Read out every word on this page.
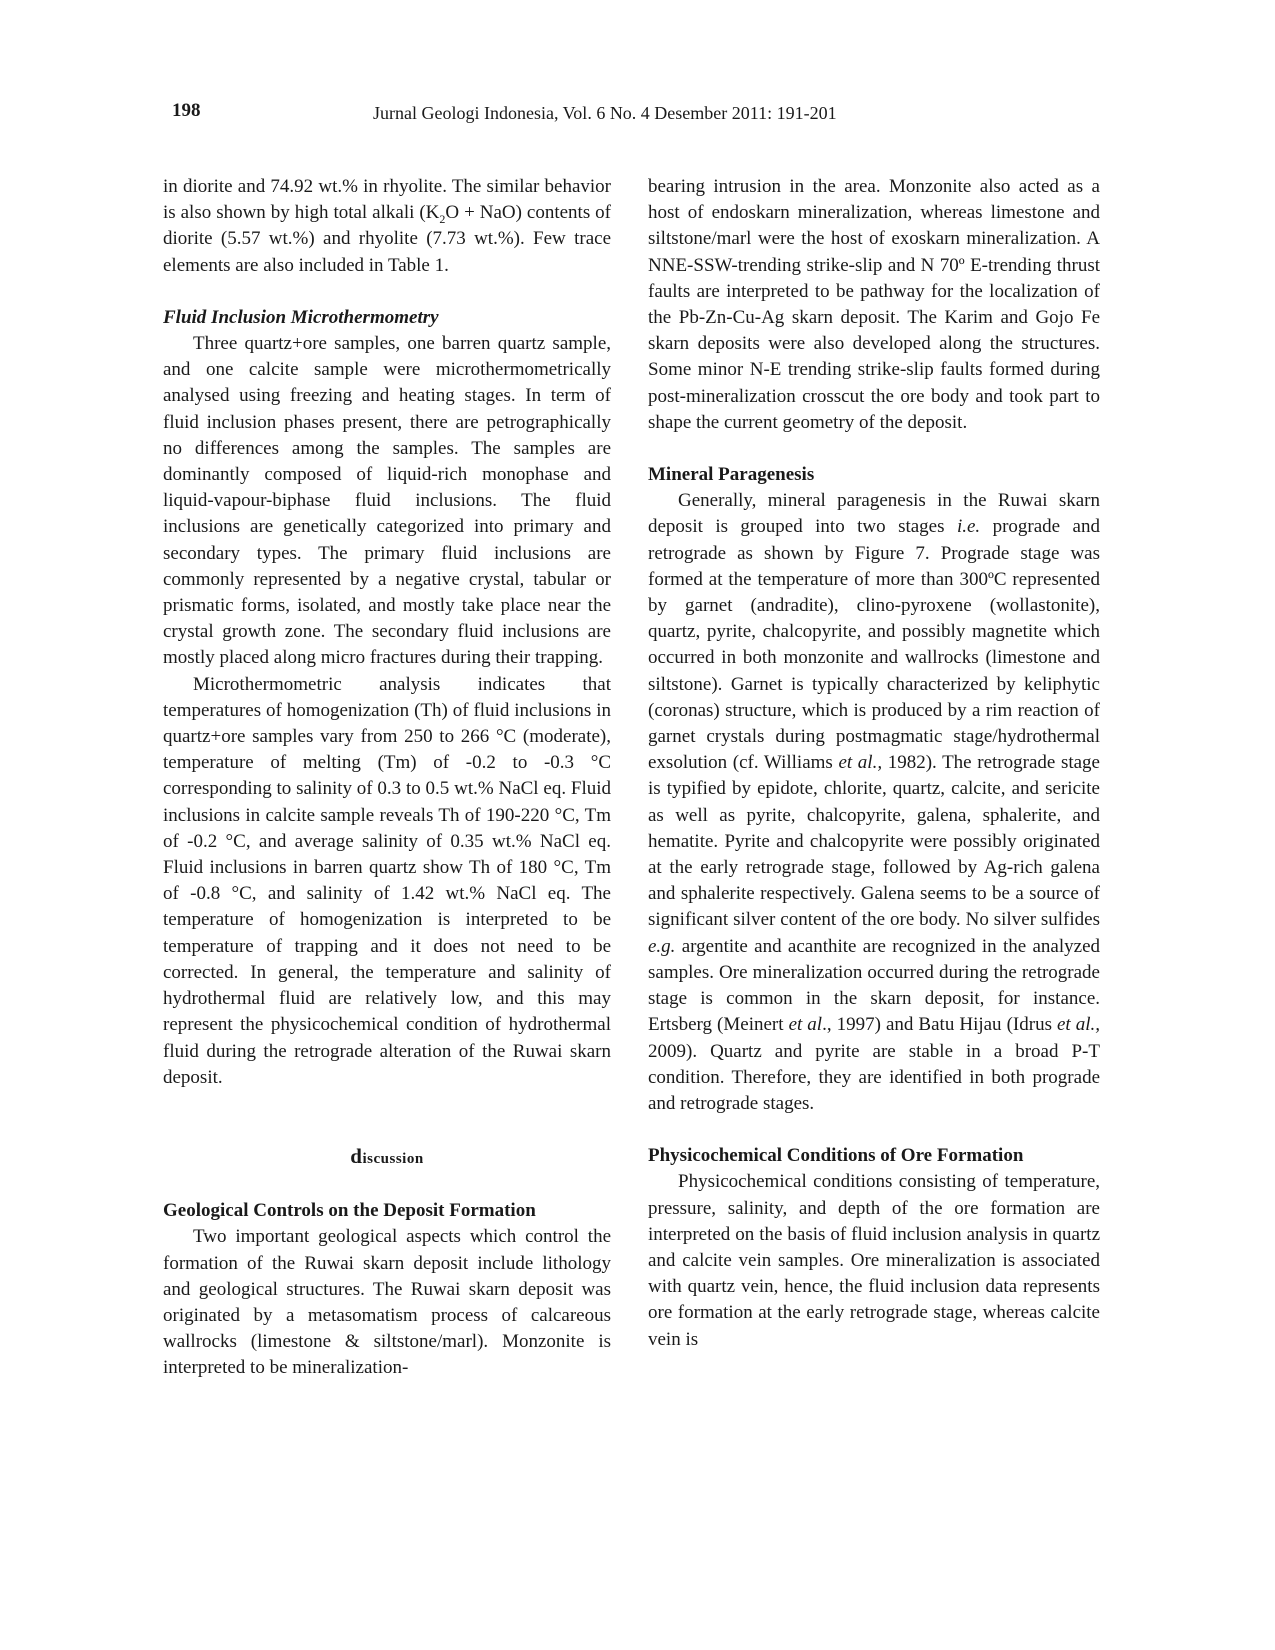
198	Jurnal Geologi Indonesia, Vol. 6 No. 4 Desember 2011: 191-201

in diorite and 74.92 wt.% in rhyolite. The similar behavior is also shown by high total alkali $(K_2O + NaO)$ contents of diorite (5.57 wt.%) and rhyolite (7.73 wt.%). Few trace elements are also included in Table 1.

Fluid Inclusion Microthermometry

Three quartz+ore samples, one barren quartz sample, and one calcite sample were microthermometrically analysed using freezing and heating stages. In term of fluid inclusion phases present, there are petrographically no differences among the samples. The samples are dominantly composed of liquid-rich monophase and liquid-vapour-biphase fluid inclusions. The fluid inclusions are genetically categorized into primary and secondary types. The primary fluid inclusions are commonly represented by a negative crystal, tabular or prismatic forms, isolated, and mostly take place near the crystal growth zone. The secondary fluid inclusions are mostly placed along micro fractures during their trapping.

Microthermometric analysis indicates that temperatures of homogenization (Th) of fluid inclusions in quartz+ore samples vary from 250 to 266 °C (moderate), temperature of melting (Tm) of -0.2 to -0.3 °C corresponding to salinity of 0.3 to 0.5 wt.% NaCl eq. Fluid inclusions in calcite sample reveals Th of 190-220 °C, Tm of -0.2 °C, and average salinity of 0.35 wt.% NaCl eq. Fluid inclusions in barren quartz show Th of 180 °C, Tm of -0.8 °C, and salinity of 1.42 wt.% NaCl eq. The temperature of homogenization is interpreted to be temperature of trapping and it does not need to be corrected. In general, the temperature and salinity of hydrothermal fluid are relatively low, and this may represent the physicochemical condition of hydrothermal fluid during the retrograde alteration of the Ruwai skarn deposit.

discussion
Geological Controls on the Deposit Formation

Two important geological aspects which control the formation of the Ruwai skarn deposit include lithology and geological structures. The Ruwai skarn deposit was originated by a metasomatism process of calcareous wallrocks (limestone & siltstone/marl). Monzonite is interpreted to be mineralization-

bearing intrusion in the area. Monzonite also acted as a host of endoskarn mineralization, whereas limestone and siltstone/marl were the host of exoskarn mineralization. A NNE-SSW-trending strike-slip and N 70º E-trending thrust faults are interpreted to be pathway for the localization of the Pb-Zn-Cu-Ag skarn deposit. The Karim and Gojo Fe skarn deposits were also developed along the structures. Some minor N-E trending strike-slip faults formed during post-mineralization crosscut the ore body and took part to shape the current geometry of the deposit.

Mineral Paragenesis

Generally, mineral paragenesis in the Ruwai skarn deposit is grouped into two stages i.e. prograde and retrograde as shown by Figure 7. Prograde stage was formed at the temperature of more than 300ºC represented by garnet (andradite), clino-pyroxene (wollastonite), quartz, pyrite, chalcopyrite, and possibly magnetite which occurred in both monzonite and wallrocks (limestone and siltstone). Garnet is typically characterized by keliphytic (coronas) structure, which is produced by a rim reaction of garnet crystals during postmagmatic stage/hydrothermal exsolution (cf. Williams et al., 1982). The retrograde stage is typified by epidote, chlorite, quartz, calcite, and sericite as well as pyrite, chalcopyrite, galena, sphalerite, and hematite. Pyrite and chalcopyrite were possibly originated at the early retrograde stage, followed by Ag-rich galena and sphalerite respectively. Galena seems to be a source of significant silver content of the ore body. No silver sulfides e.g. argentite and acanthite are recognized in the analyzed samples. Ore mineralization occurred during the retrograde stage is common in the skarn deposit, for instance. Ertsberg (Meinert et al., 1997) and Batu Hijau (Idrus et al., 2009). Quartz and pyrite are stable in a broad P-T condition. Therefore, they are identified in both prograde and retrograde stages.

Physicochemical Conditions of Ore Formation

Physicochemical conditions consisting of temperature, pressure, salinity, and depth of the ore formation are interpreted on the basis of fluid inclusion analysis in quartz and calcite vein samples. Ore mineralization is associated with quartz vein, hence, the fluid inclusion data represents ore formation at the early retrograde stage, whereas calcite vein is
